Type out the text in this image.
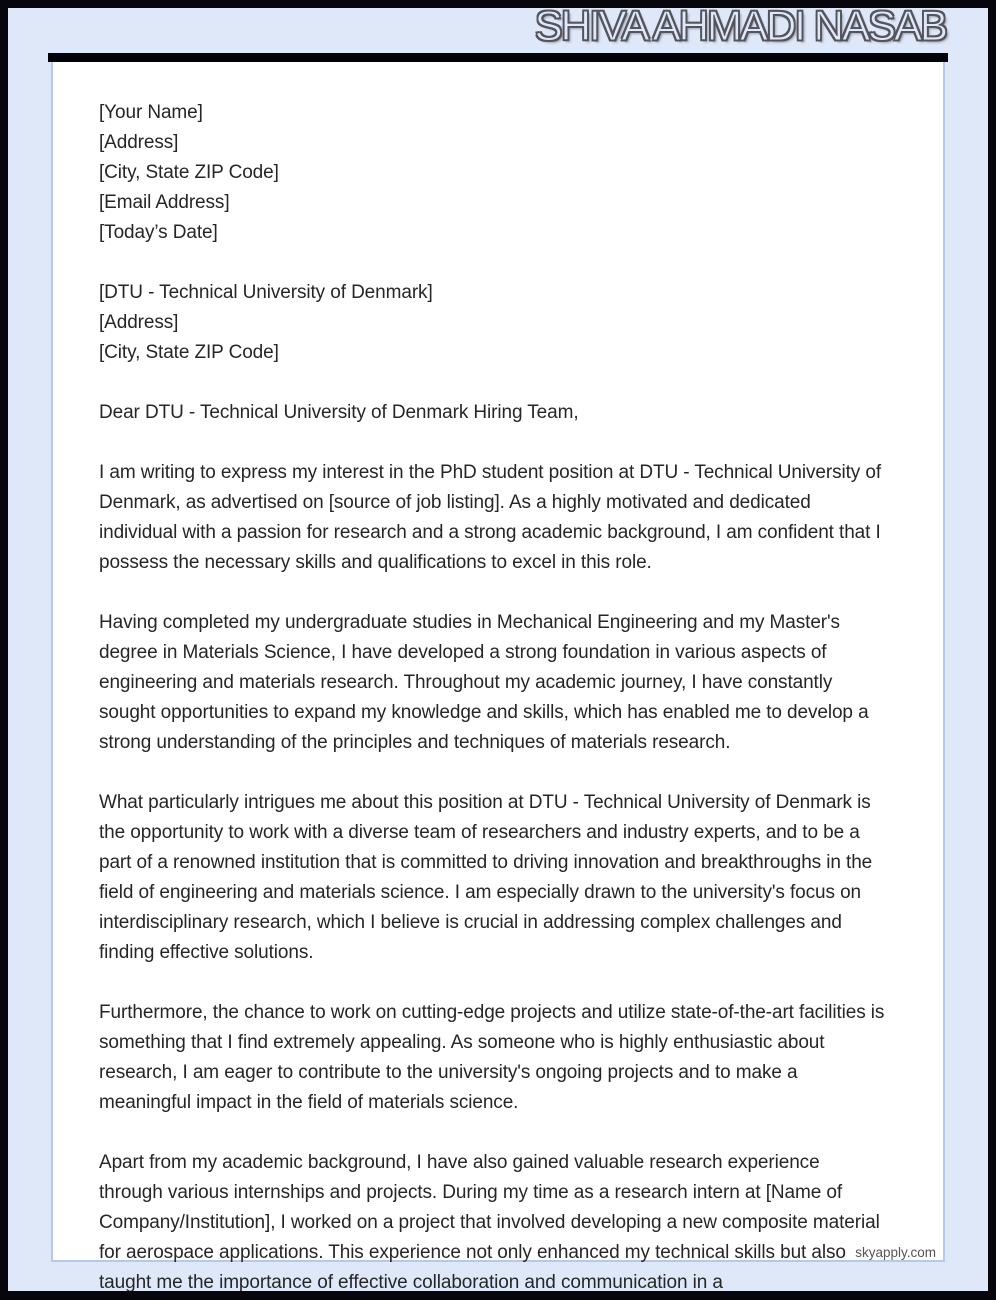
SHIVA AHMADI NASAB
[Your Name]
[Address]
[City, State ZIP Code]
[Email Address]
[Today’s Date]
[DTU - Technical University of Denmark]
[Address]
[City, State ZIP Code]

Dear DTU - Technical University of Denmark Hiring Team,

I am writing to express my interest in the PhD student position at DTU - Technical University of Denmark, as advertised on [source of job listing]. As a highly motivated and dedicated individual with a passion for research and a strong academic background, I am confident that I possess the necessary skills and qualifications to excel in this role.

Having completed my undergraduate studies in Mechanical Engineering and my Master's degree in Materials Science, I have developed a strong foundation in various aspects of engineering and materials research. Throughout my academic journey, I have constantly sought opportunities to expand my knowledge and skills, which has enabled me to develop a strong understanding of the principles and techniques of materials research.

What particularly intrigues me about this position at DTU - Technical University of Denmark is the opportunity to work with a diverse team of researchers and industry experts, and to be a part of a renowned institution that is committed to driving innovation and breakthroughs in the field of engineering and materials science. I am especially drawn to the university's focus on interdisciplinary research, which I believe is crucial in addressing complex challenges and finding effective solutions.

Furthermore, the chance to work on cutting-edge projects and utilize state-of-the-art facilities is something that I find extremely appealing. As someone who is highly enthusiastic about research, I am eager to contribute to the university's ongoing projects and to make a meaningful impact in the field of materials science.

Apart from my academic background, I have also gained valuable research experience through various internships and projects. During my time as a research intern at [Name of Company/Institution], I worked on a project that involved developing a new composite material for aerospace applications. This experience not only enhanced my technical skills but also taught me the importance of effective collaboration and communication in a

skyapply.com
